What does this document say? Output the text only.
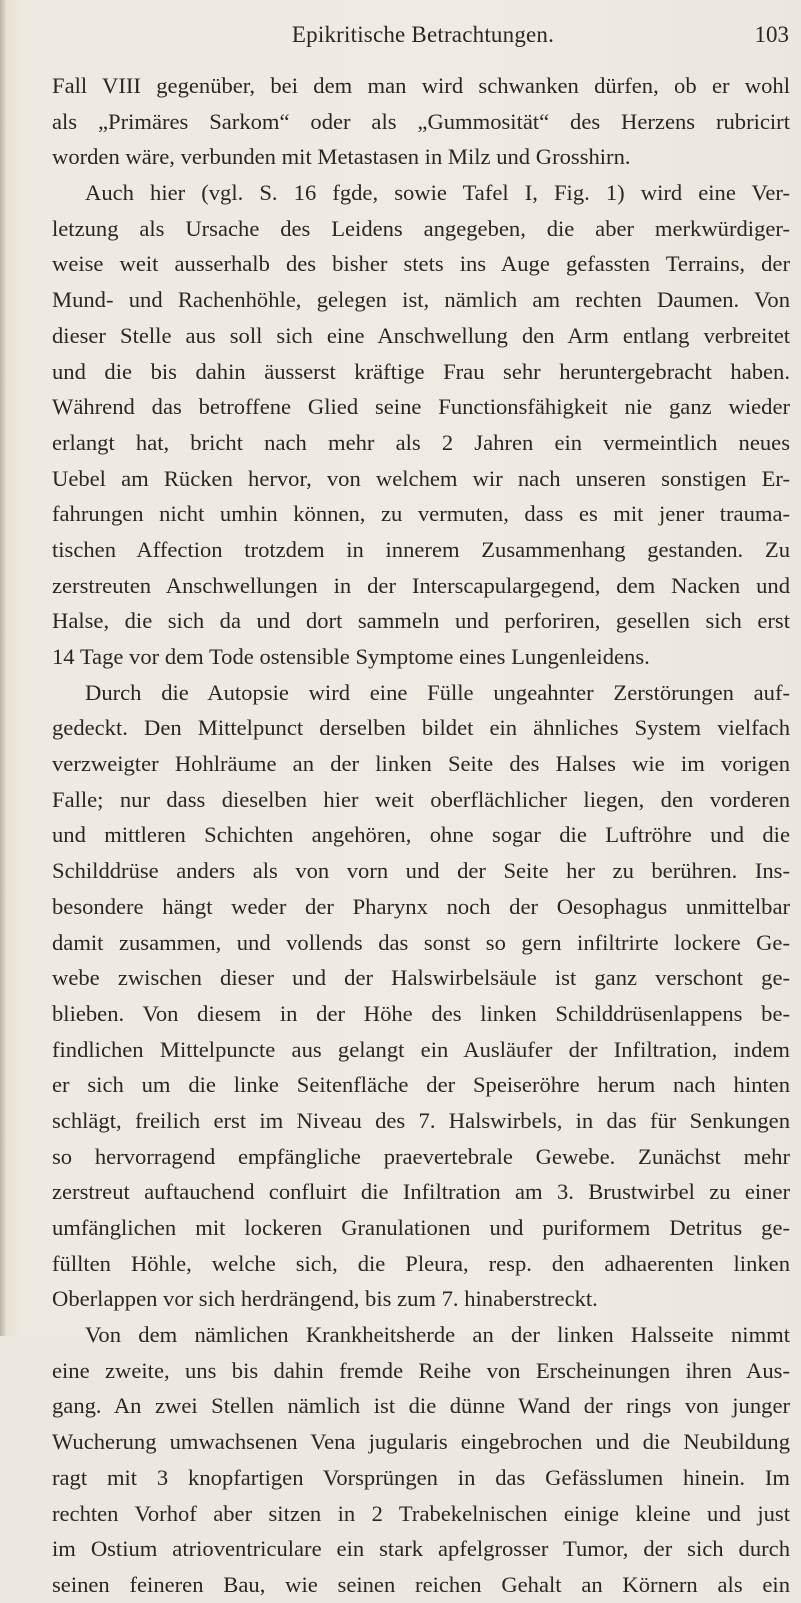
Epikritische Betrachtungen.	103
Fall VIII gegenüber, bei dem man wird schwanken dürfen, ob er wohl
als „Primäres Sarkom“ oder als „Gummosität“ des Herzens rubricirt
worden wäre, verbunden mit Metastasen in Milz und Grosshirn.
Auch hier (vgl. S. 16 fgde, sowie Tafel I, Fig. 1) wird eine Ver-
letzung als Ursache des Leidens angegeben, die aber merkwürdiger-
weise weit ausserhalb des bisher stets ins Auge gefassten Terrains, der
Mund- und Rachenhöhle, gelegen ist, nämlich am rechten Daumen. Von
dieser Stelle aus soll sich eine Anschwellung den Arm entlang verbreitet
und die bis dahin äusserst kräftige Frau sehr heruntergebracht haben.
Während das betroffene Glied seine Functionsfähigkeit nie ganz wieder
erlangt hat, bricht nach mehr als 2 Jahren ein vermeintlich neues
Uebel am Rücken hervor, von welchem wir nach unseren sonstigen Er-
fahrungen nicht umhin können, zu vermuten, dass es mit jener trauma-
tischen Affection trotzdem in innerem Zusammenhang gestanden. Zu
zerstreuten Anschwellungen in der Interscapulargegend, dem Nacken und
Halse, die sich da und dort sammeln und perforiren, gesellen sich erst
14 Tage vor dem Tode ostensible Symptome eines Lungenleidens.
Durch die Autopsie wird eine Fülle ungeahnter Zerstörungen auf-
gedeckt. Den Mittelpunct derselben bildet ein ähnliches System vielfach
verzweigter Hohlräume an der linken Seite des Halses wie im vorigen
Falle; nur dass dieselben hier weit oberflächlicher liegen, den vorderen
und mittleren Schichten angehören, ohne sogar die Luftröhre und die
Schilddrüse anders als von vorn und der Seite her zu berühren. Ins-
besondere hängt weder der Pharynx noch der Oesophagus unmittelbar
damit zusammen, und vollends das sonst so gern infiltrirte lockere Ge-
webe zwischen dieser und der Halswirbelsäule ist ganz verschont ge-
blieben. Von diesem in der Höhe des linken Schilddrüsenlappens be-
findlichen Mittelpuncte aus gelangt ein Ausläufer der Infiltration, indem
er sich um die linke Seitenfläche der Speiseröhre herum nach hinten
schlägt, freilich erst im Niveau des 7. Halswirbels, in das für Senkungen
so hervorragend empfängliche praevertebrale Gewebe. Zunächst mehr
zerstreut auftauchend confluirt die Infiltration am 3. Brustwirbel zu einer
umfänglichen mit lockeren Granulationen und puriformem Detritus ge-
füllten Höhle, welche sich, die Pleura, resp. den adhaerenten linken
Oberlappen vor sich herdrängend, bis zum 7. hinaberstreckt.
Von dem nämlichen Krankheitsherde an der linken Halsseite nimmt
eine zweite, uns bis dahin fremde Reihe von Erscheinungen ihren Aus-
gang. An zwei Stellen nämlich ist die dünne Wand der rings von junger
Wucherung umwachsenen Vena jugularis eingebrochen und die Neubildung
ragt mit 3 knopfartigen Vorsprüngen in das Gefässlumen hinein. Im
rechten Vorhof aber sitzen in 2 Trabekelnischen einige kleine und just
im Ostium atrioventriculare ein stark apfelgrosser Tumor, der sich durch
seinen feineren Bau, wie seinen reichen Gehalt an Körnern als ein
